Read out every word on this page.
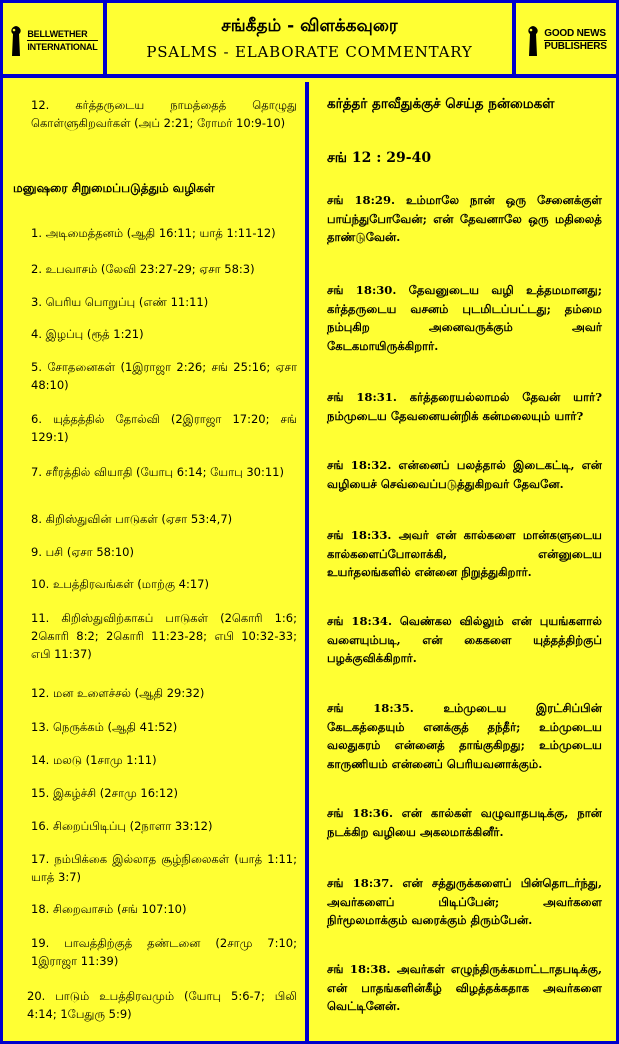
BELLWETHER
INTERNATIONAL
சங்கீதம் - விளக்கவுரை
PSALMS - ELABORATE COMMENTARY
GOOD NEWS
PUBLISHERS
12. கர்த்தருடைய நாமத்தைத் தொழுது கொள்ளுகிறவர்கள் (அப் 2:21; ரோமர் 10:9-10)
மனுஷரை சிறுமைப்படுத்தும் வழிகள்
1. அடிமைத்தனம் (ஆதி 16:11; யாத் 1:11-12)
2. உபவாசம் (லேவி 23:27-29; ஏசா 58:3)
3. பெரிய பொறுப்பு (எண் 11:11)
4. இழப்பு (ரூத் 1:21)
5. சோதனைகள் (1இராஜா 2:26; சங் 25:16; ஏசா 48:10)
6. யுத்தத்தில் தோல்வி (2இராஜா 17:20; சங் 129:1)
7. சரீரத்தில் வியாதி (யோபு 6:14; யோபு 30:11)
8. கிறிஸ்துவின் பாடுகள் (ஏசா 53:4,7)
9. பசி (ஏசா 58:10)
10. உபத்திரவங்கள் (மாற்கு 4:17)
11. கிறிஸ்துவிற்காகப் பாடுகள் (2கொரி 1:6; 2கொரி 8:2; 2கொரி 11:23-28; எபி 10:32-33; எபி 11:37)
12. மன உளைச்சல் (ஆதி 29:32)
13. நெருக்கம் (ஆதி 41:52)
14. மலடு (1சாமு 1:11)
15. இகழ்ச்சி (2சாமு 16:12)
16. சிறைப்பிடிப்பு (2நாளா 33:12)
17. நம்பிக்கை இல்லாத சூழ்நிலைகள் (யாத் 1:11; யாத் 3:7)
18. சிறைவாசம் (சங் 107:10)
19. பாவத்திற்குத் தண்டனை (2சாமு 7:10; 1இராஜா 11:39)
20. பாடும் உபத்திரவமும் (யோபு 5:6-7; பிலி 4:14; 1பேதுரு 5:9)
கர்த்தர் தாவீதுக்குச் செய்த நன்மைகள்
சங் 12 : 29-40
சங் 18:29. உம்மாலே நான் ஒரு சேனைக்குள் பாய்ந்துபோவேன்; என் தேவனாலே ஒரு மதிலைத் தாண்டுவேன்.
சங் 18:30. தேவனுடைய வழி உத்தமமானது; கர்த்தருடைய வசனம் புடமிடப்பட்டது; தம்மை நம்புகிற அனைவருக்கும் அவர் கேடகமாயிருக்கிறார்.
சங் 18:31. கர்த்தரையல்லாமல் தேவன் யார்? நம்முடைய தேவனையன்றிக் கன்மலையும் யார்?
சங் 18:32. என்னைப் பலத்தால் இடைகட்டி, என் வழியைச் செவ்வைப்படுத்துகிறவர் தேவனே.
சங் 18:33. அவர் என் கால்களை மான்களுடைய கால்களைப்போலாக்கி, என்னுடைய உயர்தலங்களில் என்னை நிறுத்துகிறார்.
சங் 18:34. வெண்கல வில்லும் என் புயங்களால் வளையும்படி, என் கைகளை யுத்தத்திற்குப் பழக்குவிக்கிறார்.
சங் 18:35. உம்முடைய இரட்சிப்பின் கேடகத்தையும் எனக்குத் தந்தீர்; உம்முடைய வலதுகரம் என்னைத் தாங்குகிறது; உம்முடைய காருணியம் என்னைப் பெரியவனாக்கும்.
சங் 18:36. என் கால்கள் வழுவாதபடிக்கு, நான் நடக்கிற வழியை அகலமாக்கினீர்.
சங் 18:37. என் சத்துருக்களைப் பின்தொடர்ந்து, அவர்களைப் பிடிப்பேன்; அவர்களை நிர்மூலமாக்கும் வரைக்கும் திரும்பேன்.
சங் 18:38. அவர்கள் எழுந்திருக்கமாட்டாதபடிக்கு, என் பாதங்களின்கீழ் விழத்தக்கதாக அவர்களை வெட்டினேன்.
